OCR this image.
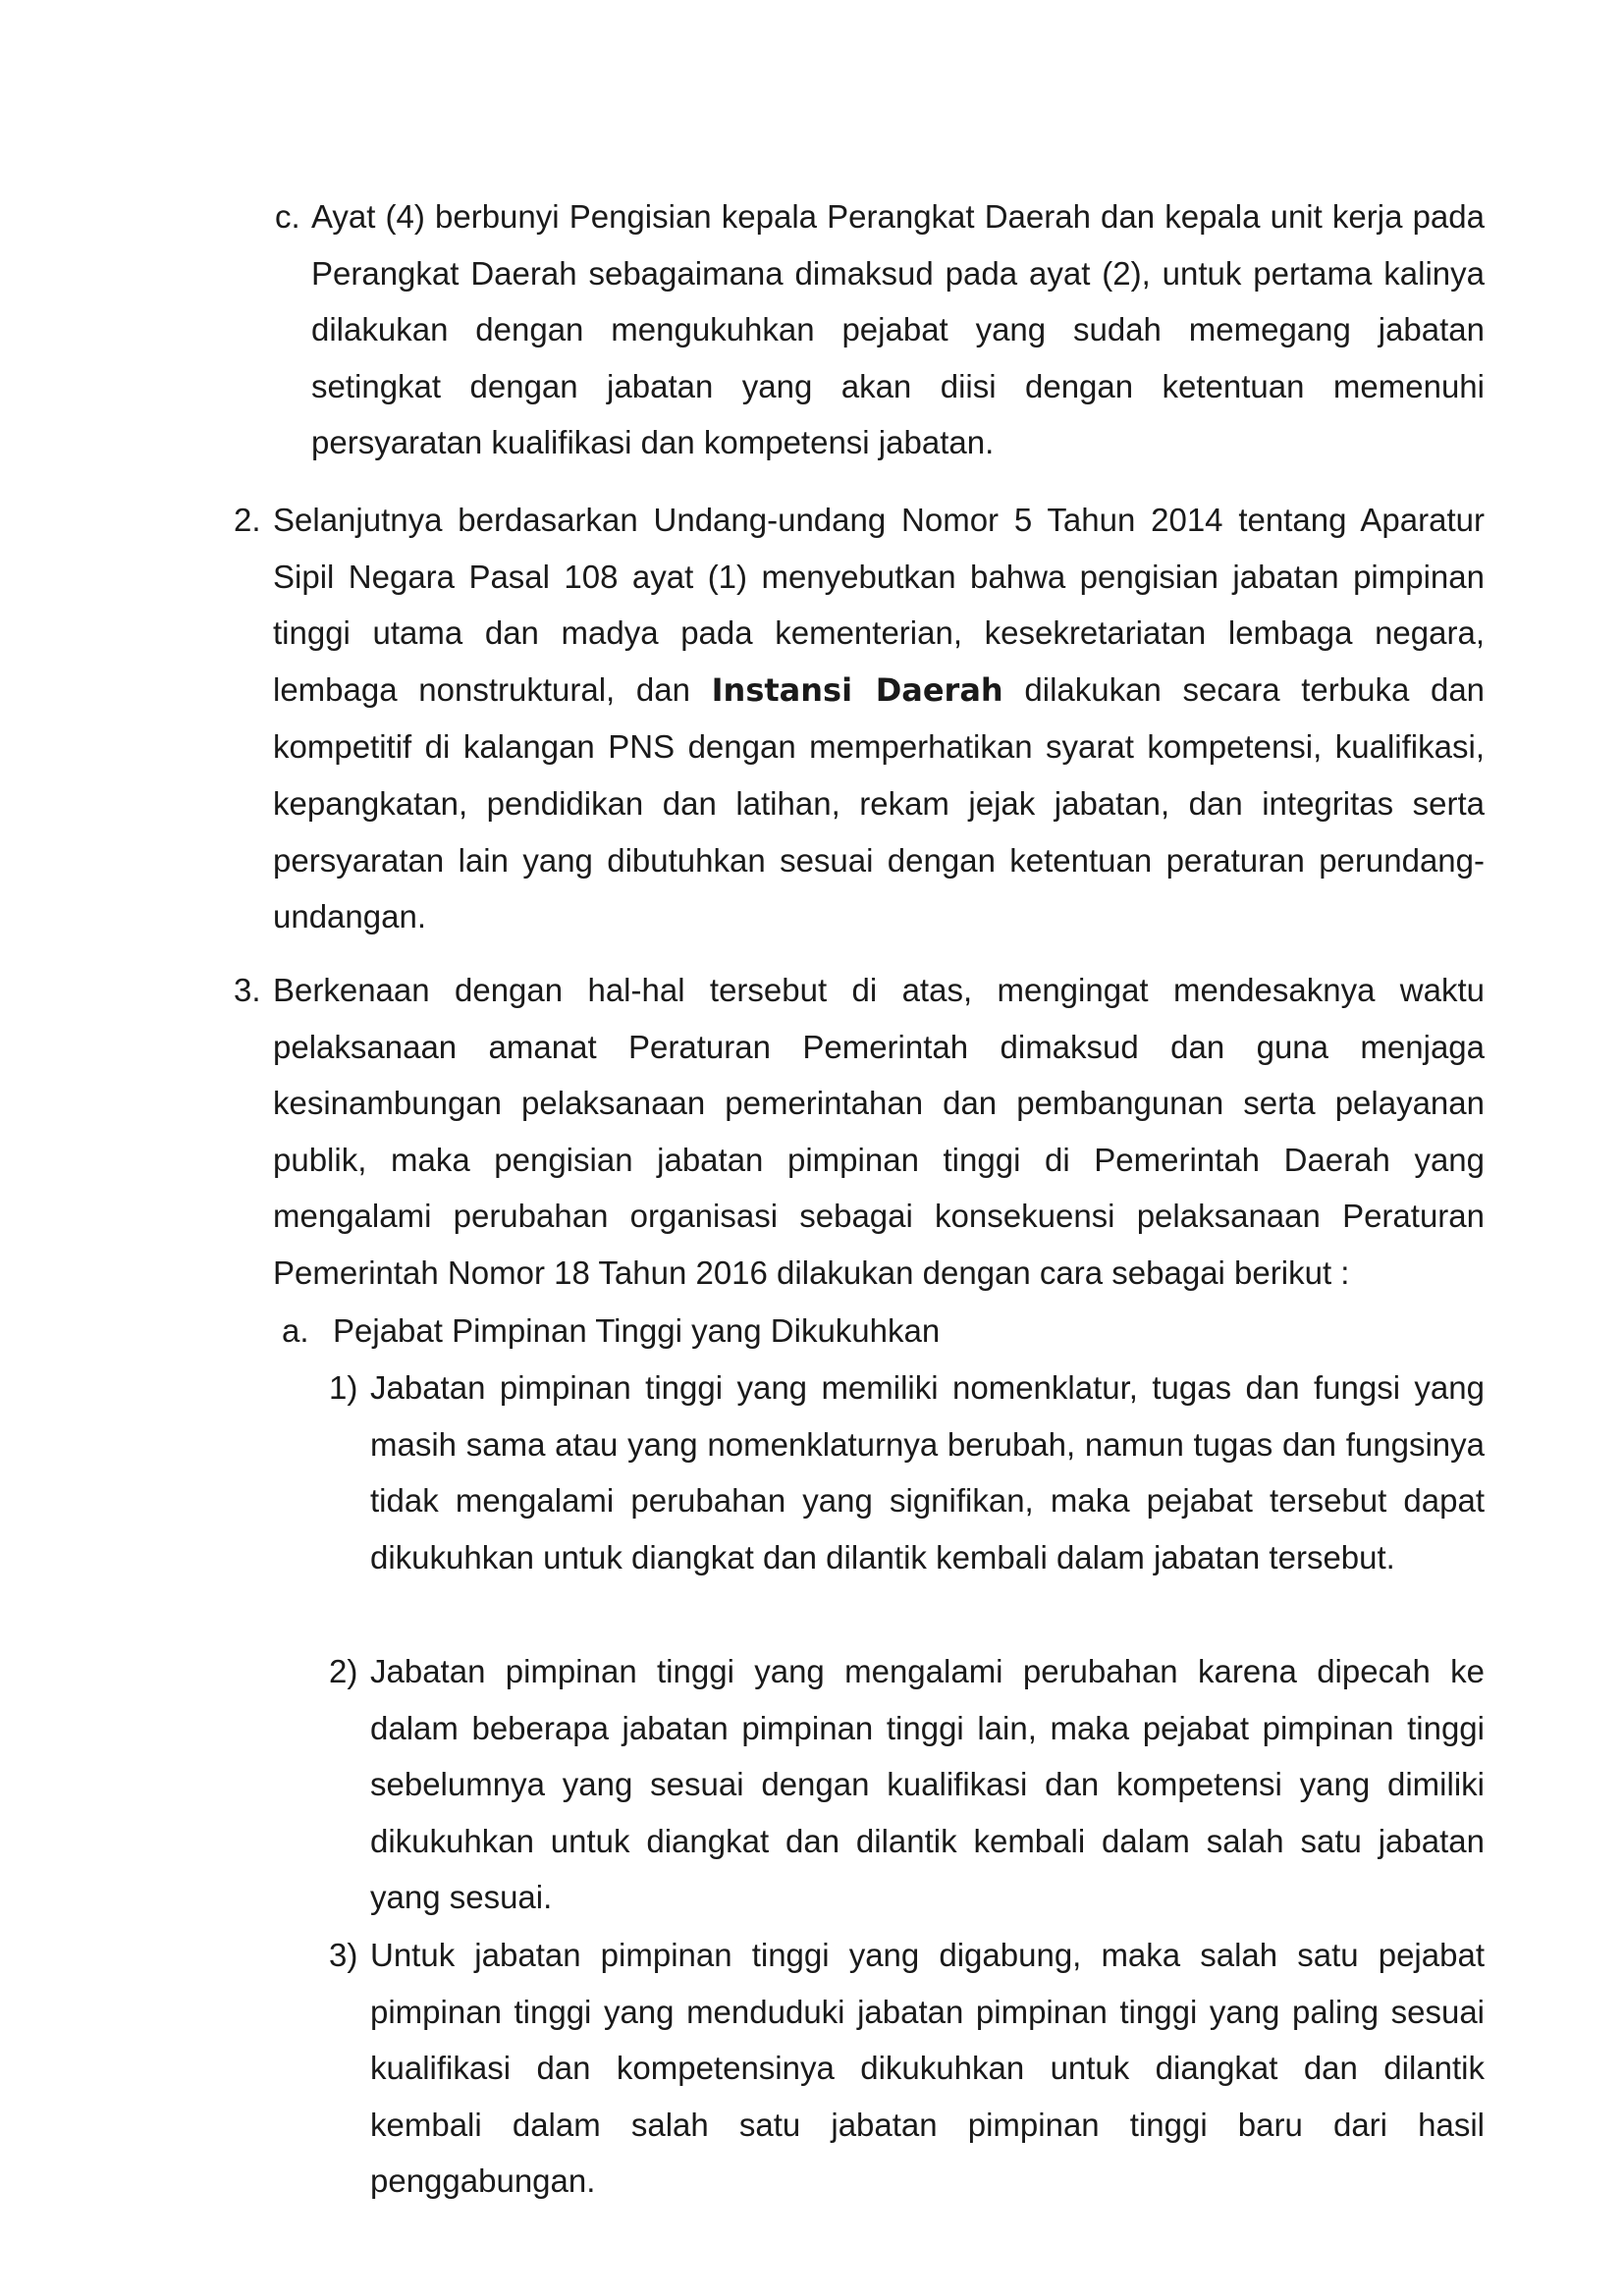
c. Ayat (4) berbunyi Pengisian kepala Perangkat Daerah dan kepala unit kerja pada Perangkat Daerah sebagaimana dimaksud pada ayat (2), untuk pertama kalinya dilakukan dengan mengukuhkan pejabat yang sudah memegang jabatan setingkat dengan jabatan yang akan diisi dengan ketentuan memenuhi persyaratan kualifikasi dan kompetensi jabatan.

2. Selanjutnya berdasarkan Undang-undang Nomor 5 Tahun 2014 tentang Aparatur Sipil Negara Pasal 108 ayat (1) menyebutkan bahwa pengisian jabatan pimpinan tinggi utama dan madya pada kementerian, kesekretariatan lembaga negara, lembaga nonstruktural, dan Instansi Daerah dilakukan secara terbuka dan kompetitif di kalangan PNS dengan memperhatikan syarat kompetensi, kualifikasi, kepangkatan, pendidikan dan latihan, rekam jejak jabatan, dan integritas serta persyaratan lain yang dibutuhkan sesuai dengan ketentuan peraturan perundang-undangan.

3. Berkenaan dengan hal-hal tersebut di atas, mengingat mendesaknya waktu pelaksanaan amanat Peraturan Pemerintah dimaksud dan guna menjaga kesinambungan pelaksanaan pemerintahan dan pembangunan serta pelayanan publik, maka pengisian jabatan pimpinan tinggi di Pemerintah Daerah yang mengalami perubahan organisasi sebagai konsekuensi pelaksanaan Peraturan Pemerintah Nomor 18 Tahun 2016 dilakukan dengan cara sebagai berikut :

a. Pejabat Pimpinan Tinggi yang Dikukuhkan

1) Jabatan pimpinan tinggi yang memiliki nomenklatur, tugas dan fungsi yang masih sama atau yang nomenklaturnya berubah, namun tugas dan fungsinya tidak mengalami perubahan yang signifikan, maka pejabat tersebut dapat dikukuhkan untuk diangkat dan dilantik kembali dalam jabatan tersebut.

2) Jabatan pimpinan tinggi yang mengalami perubahan karena dipecah ke dalam beberapa jabatan pimpinan tinggi lain, maka pejabat pimpinan tinggi sebelumnya yang sesuai dengan kualifikasi dan kompetensi yang dimiliki dikukuhkan untuk diangkat dan dilantik kembali dalam salah satu jabatan yang sesuai.

3) Untuk jabatan pimpinan tinggi yang digabung, maka salah satu pejabat pimpinan tinggi yang menduduki jabatan pimpinan tinggi yang paling sesuai kualifikasi dan kompetensinya dikukuhkan untuk diangkat dan dilantik kembali dalam salah satu jabatan pimpinan tinggi baru dari hasil penggabungan.
